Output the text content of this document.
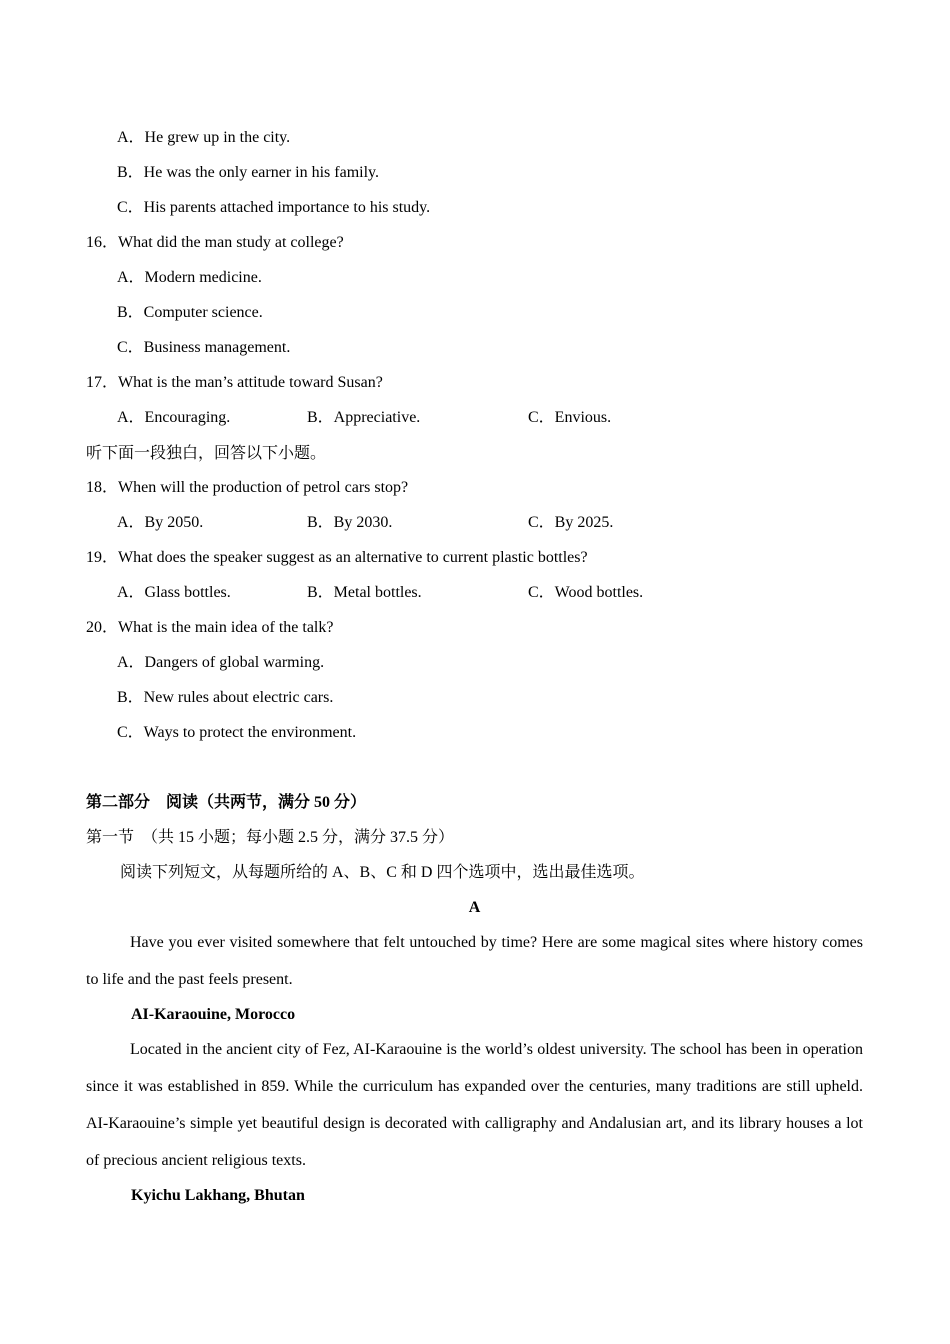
A．He grew up in the city.
B．He was the only earner in his family.
C．His parents attached importance to his study.
16．What did the man study at college?
A．Modern medicine.
B．Computer science.
C．Business management.
17．What is the man’s attitude toward Susan?
A．Encouraging.	B．Appreciative.	C．Envious.
听下面一段独白，回答以下小题。
18．When will the production of petrol cars stop?
A．By 2050.	B．By 2030.	C．By 2025.
19．What does the speaker suggest as an alternative to current plastic bottles?
A．Glass bottles.	B．Metal bottles.	C．Wood bottles.
20．What is the main idea of the talk?
A．Dangers of global warming.
B．New rules about electric cars.
C．Ways to protect the environment.
第二部分　阅读（共两节，满分 50 分）
第一节　（共 15 小题；每小题 2.5 分，满分 37.5 分）
阅读下列短文，从每题所给的 A、B、C 和 D 四个选项中，选出最佳选项。
A
Have you ever visited somewhere that felt untouched by time? Here are some magical sites where history comes to life and the past feels present.
AI-Karaouine, Morocco
Located in the ancient city of Fez, AI-Karaouine is the world’s oldest university. The school has been in operation since it was established in 859. While the curriculum has expanded over the centuries, many traditions are still upheld. AI-Karaouine’s simple yet beautiful design is decorated with calligraphy and Andalusian art, and its library houses a lot of precious ancient religious texts.
Kyichu Lakhang, Bhutan
